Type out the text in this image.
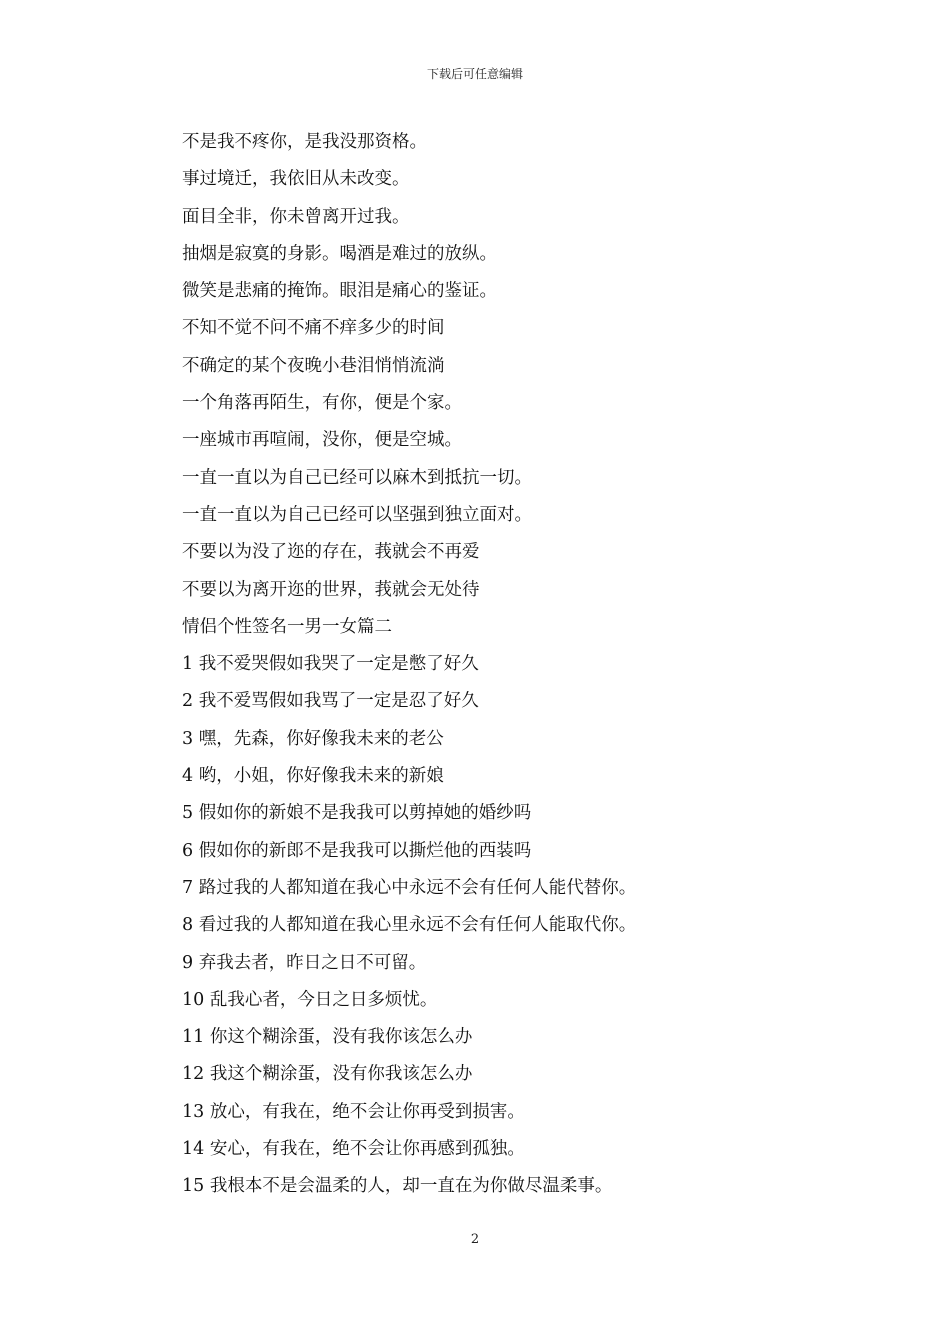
下载后可任意编辑
不是我不疼你，是我没那资格。
事过境迁，我依旧从未改变。
面目全非，你未曾离开过我。
抽烟是寂寞的身影。喝酒是难过的放纵。
微笑是悲痛的掩饰。眼泪是痛心的鉴证。
不知不觉不问不痛不痒多少的时间
不确定的某个夜晚小巷泪悄悄流淌
一个角落再陌生，有你，便是个家。
一座城市再喧闹，没你，便是空城。
一直一直以为自己已经可以麻木到抵抗一切。
一直一直以为自己已经可以坚强到独立面对。
不要以为没了迩的存在，莪就会不再爱
不要以为离开迩的世界，莪就会无处待
情侣个性签名一男一女篇二
1 我不爱哭假如我哭了一定是憋了好久
2 我不爱骂假如我骂了一定是忍了好久
3 嘿，先森，你好像我未来的老公
4 哟，小姐，你好像我未来的新娘
5 假如你的新娘不是我我可以剪掉她的婚纱吗
6 假如你的新郎不是我我可以撕烂他的西装吗
7 路过我的人都知道在我心中永远不会有任何人能代替你。
8 看过我的人都知道在我心里永远不会有任何人能取代你。
9 弃我去者，昨日之日不可留。
10 乱我心者，今日之日多烦忧。
11 你这个糊涂蛋，没有我你该怎么办
12 我这个糊涂蛋，没有你我该怎么办
13 放心，有我在，绝不会让你再受到损害。
14 安心，有我在，绝不会让你再感到孤独。
15 我根本不是会温柔的人，却一直在为你做尽温柔事。
2
